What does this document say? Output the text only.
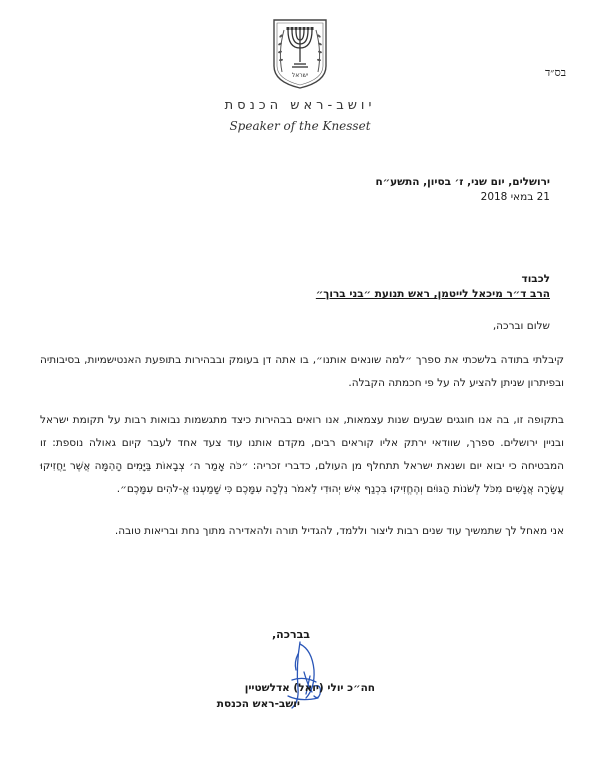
ישראל	בס״ד
יושב-ראש הכנסת
Speaker of the Knesset
ירושלים, יום שני, ז׳ בסיון, התשע״ח
21 במאי 2018
לכבוד
הרב ד״ר מיכאל לייטמן, ראש תנועת ״בני ברוך״
שלום וברכה,
קיבלתי בתודה בלשכתי את ספרך ״למה שונאים אותנו״, בו אתה דן בעומק ובבהירות בתופעת האנטישמיות, בסיבותיה ובפיתרון שניתן להציע לה על פי חכמתה הקבלה.
בתקופה זו, בה אנו חוגגים שבעים שנות עצמאות, אנו רואים בבהירות כיצד מתגשמות נבואות רבות על תקומת ישראל ובניין ירושלים. ספרך, שוודאי ירתק אליו קוראים רבים, מקדם אותנו עוד צעד אחד לעבר קיום גאולה נוספת: זו המבטיחה כי יבוא יום ושנאת ישראל תתחלף מן העולם, כדברי זכריה: ״כֹּה אָמַר ה׳ צְבָאוֹת בַּיָּמִים הָהֵמָּה אֲשֶׁר יַחֲזִיקוּ עֲשָׂרָה אֲנָשִׁים מִכֹּל לְשֹׁנוֹת הַגּוֹיִם וְהֶחֱזִיקוּ בִּכְנַף אִישׁ יְהוּדִי לֵאמֹר נֵלְכָה עִמָּכֶם כִּי שָׁמַעְנוּ אֱ-לֹהִים עִמָּכֶם״.
אני מאחל לך שתמשיך עוד שנים רבות ליצור וללמד, להגדיל תורה ולהאדירה מתוך נחת ובריאות טובה.
בברכה,
חה״כ יולי (יואל) אדלשטיין
יושב-ראש הכנסת
